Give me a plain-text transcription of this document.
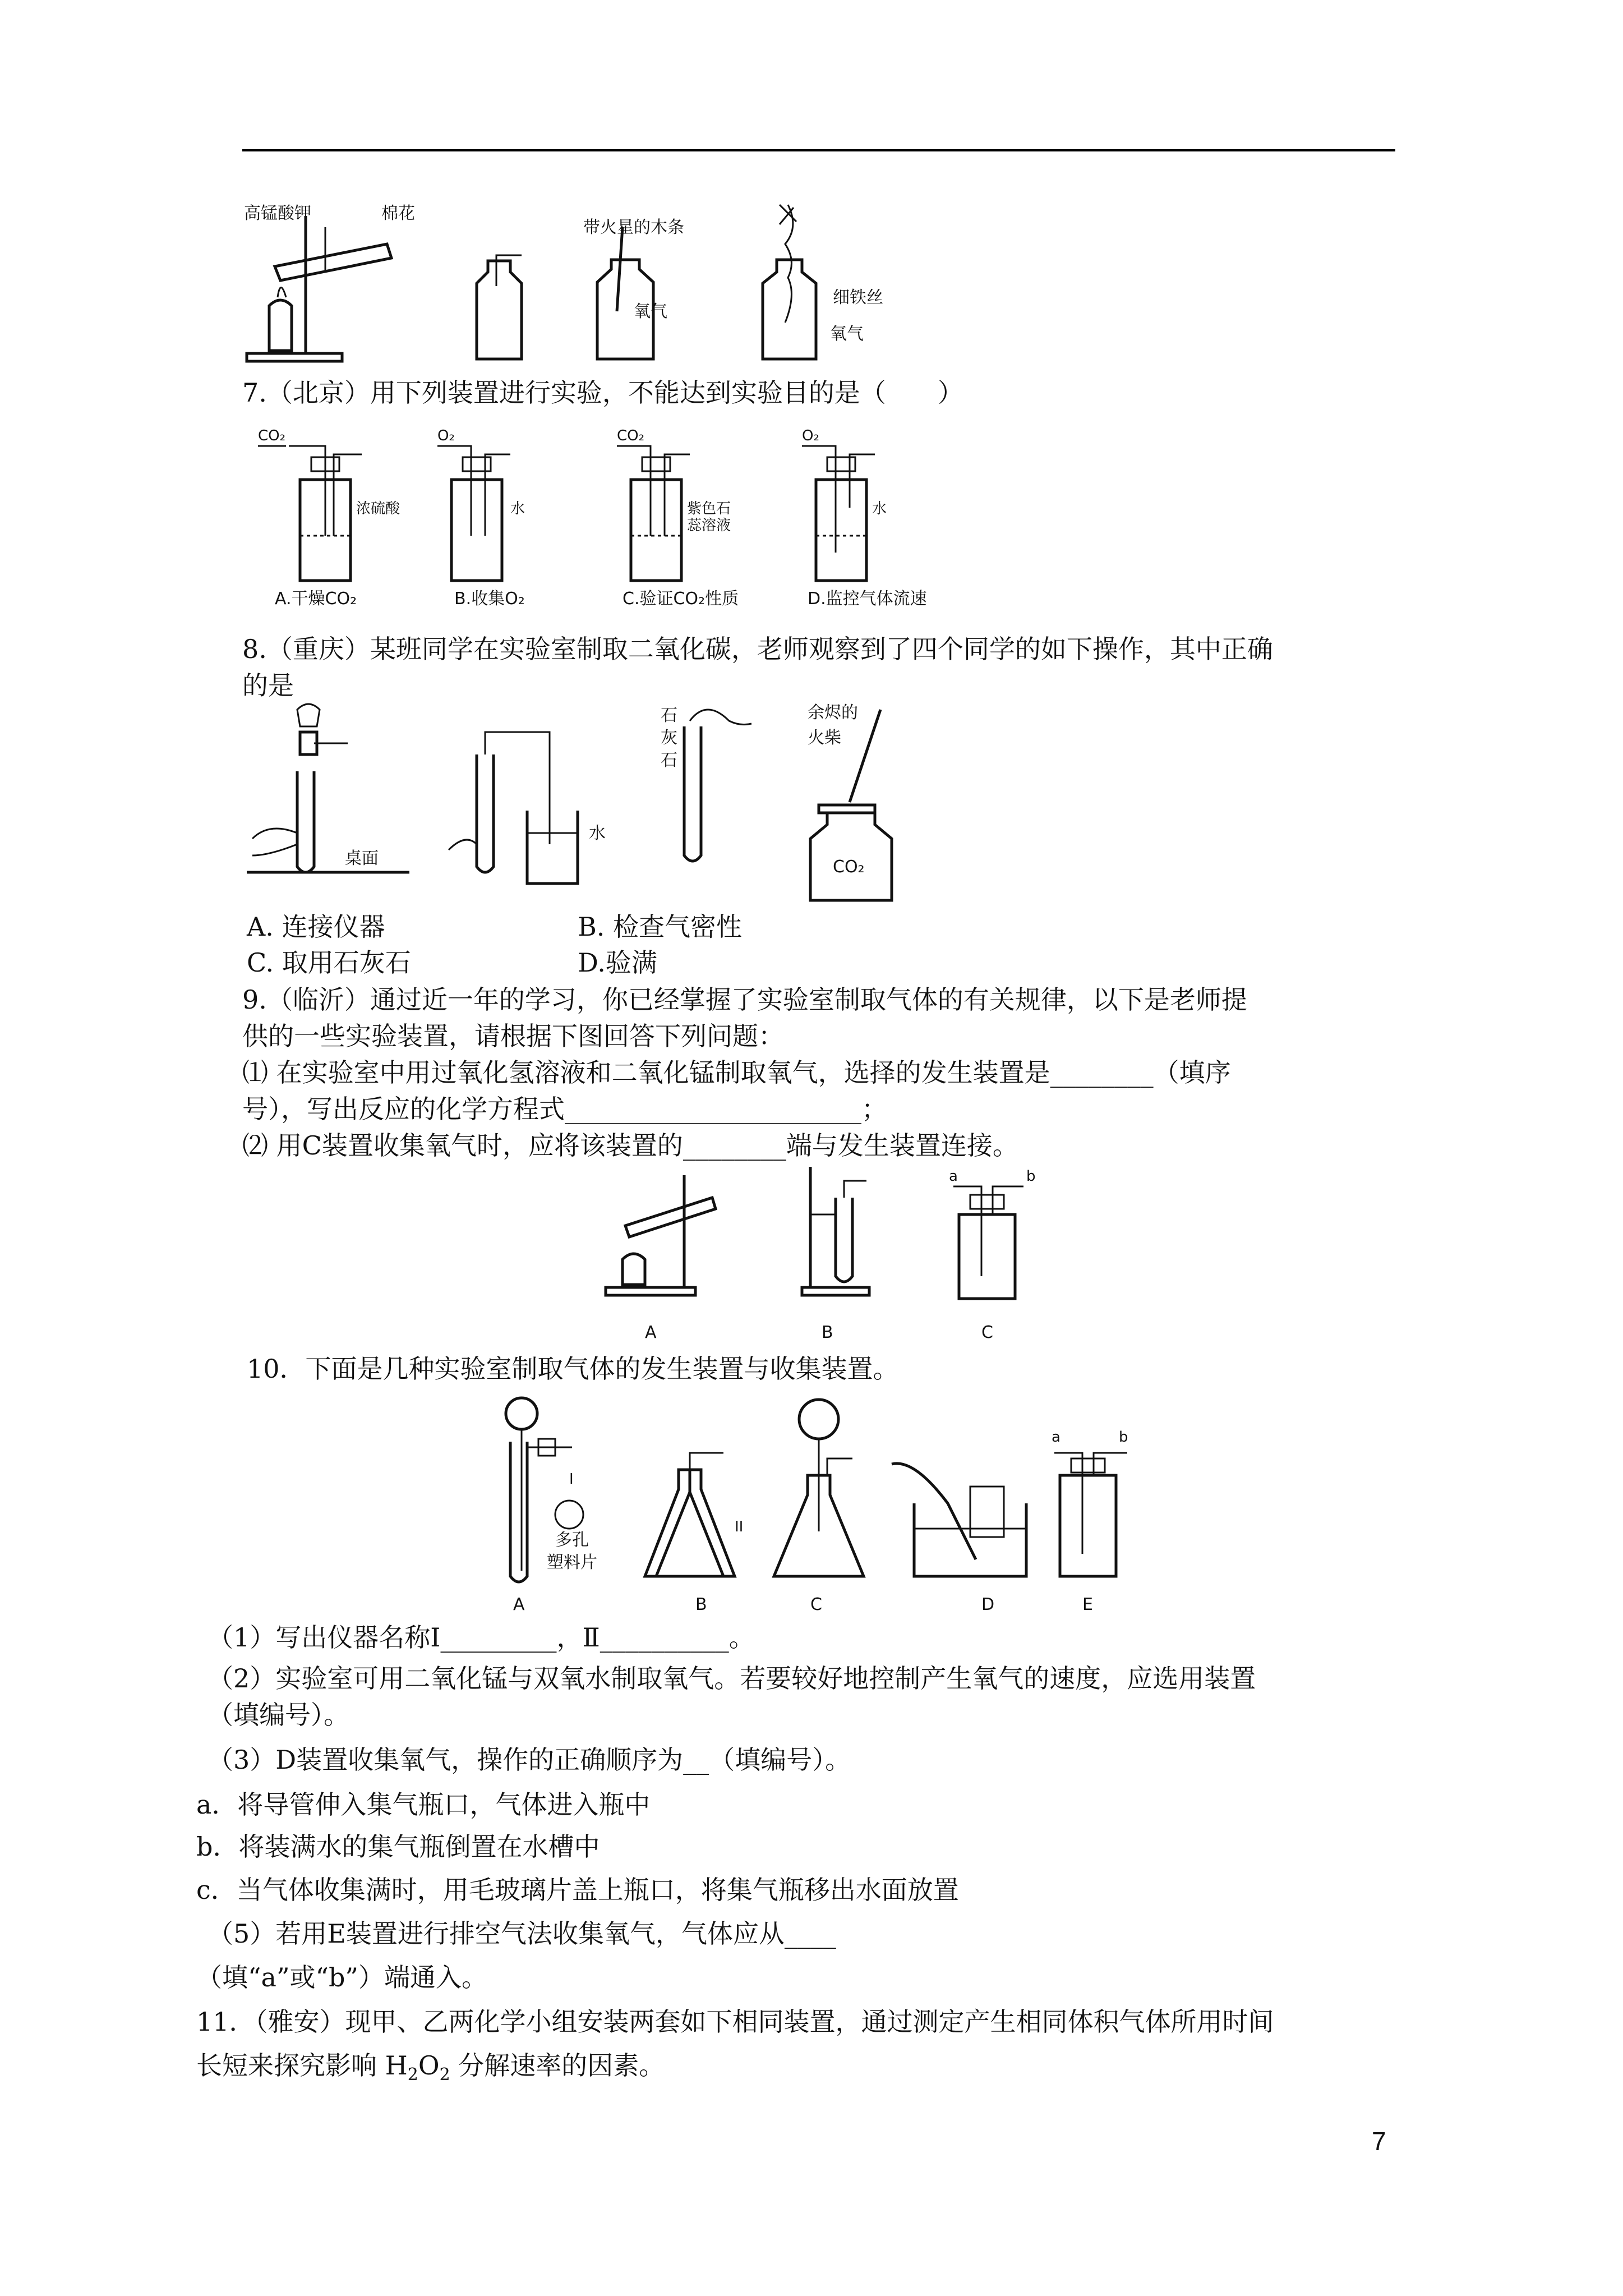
高锰酸钾	棉花
带火星的木条
氧气
细铁丝
氧气
7.（北京）用下列装置进行实验，不能达到实验目的是（　　）
CO₂
浓硫酸
A.干燥CO₂
O₂
水
B.收集O₂
CO₂
紫色石
蕊溶液
C.验证CO₂性质
O₂
水
D.监控气体流速
8.（重庆）某班同学在实验室制取二氧化碳，老师观察到了四个同学的如下操作，其中正确
的是
桌面
水
石
灰
石
余烬的
火柴
CO₂
A. 连接仪器	B. 检查气密性
C. 取用石灰石	D.验满
9.（临沂）通过近一年的学习，你已经掌握了实验室制取气体的有关规律，以下是老师提
供的一些实验装置，请根据下图回答下列问题：
⑴ 在实验室中用过氧化氢溶液和二氧化锰制取氧气，选择的发生装置是________（填序
号），写出反应的化学方程式_______________________；
⑵ 用C装置收集氧气时，应将该装置的________端与发生装置连接。
A	B
a	b
C
10．下面是几种实验室制取气体的发生装置与收集装置。
I
多孔
塑料片
A
II
B	C	D
a	b
E
（1）写出仪器名称Ⅰ_________，Ⅱ__________。
（2）实验室可用二氧化锰与双氧水制取氧气。若要较好地控制产生氧气的速度，应选用装置
（填编号）。
（3）D装置收集氧气，操作的正确顺序为__（填编号）。
a．将导管伸入集气瓶口，气体进入瓶中
b．将装满水的集气瓶倒置在水槽中
c．当气体收集满时，用毛玻璃片盖上瓶口，将集气瓶移出水面放置
（5）若用E装置进行排空气法收集氧气，气体应从____
（填“a”或“b”）端通入。
11．（雅安）现甲、乙两化学小组安装两套如下相同装置，通过测定产生相同体积气体所用时间
长短来探究影响 $H_2O_2$ 分解速率的因素。
7
